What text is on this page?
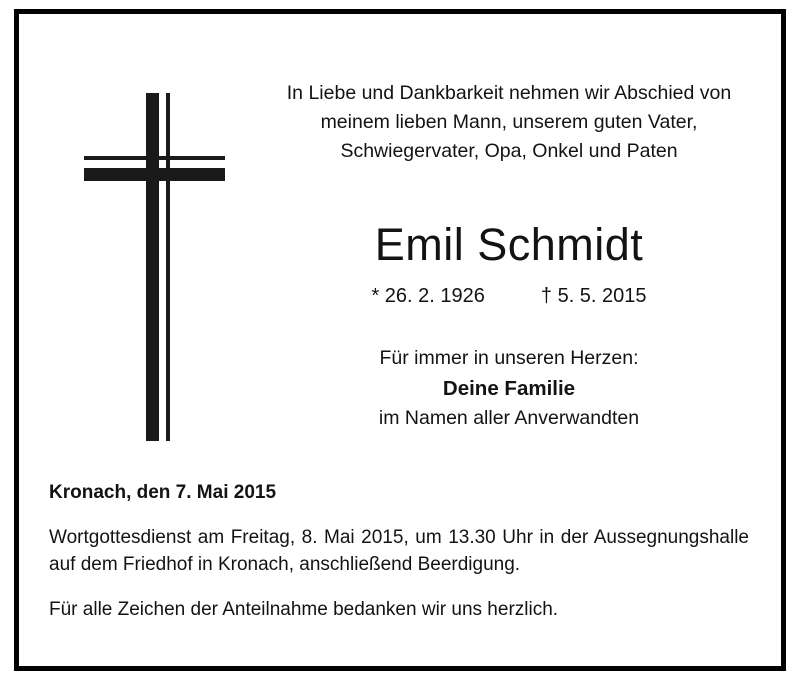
In Liebe und Dankbarkeit nehmen wir Abschied von
meinem lieben Mann, unserem guten Vater,
Schwiegervater, Opa, Onkel und Paten
Emil Schmidt
* 26. 2. 1926	† 5. 5. 2015
Für immer in unseren Herzen:
Deine Familie
im Namen aller Anverwandten
Kronach, den 7. Mai 2015
Wortgottesdienst am Freitag, 8. Mai 2015, um 13.30 Uhr in der Aussegnungshalle auf dem Friedhof in Kronach, anschließend Beerdigung.
Für alle Zeichen der Anteilnahme bedanken wir uns herzlich.
